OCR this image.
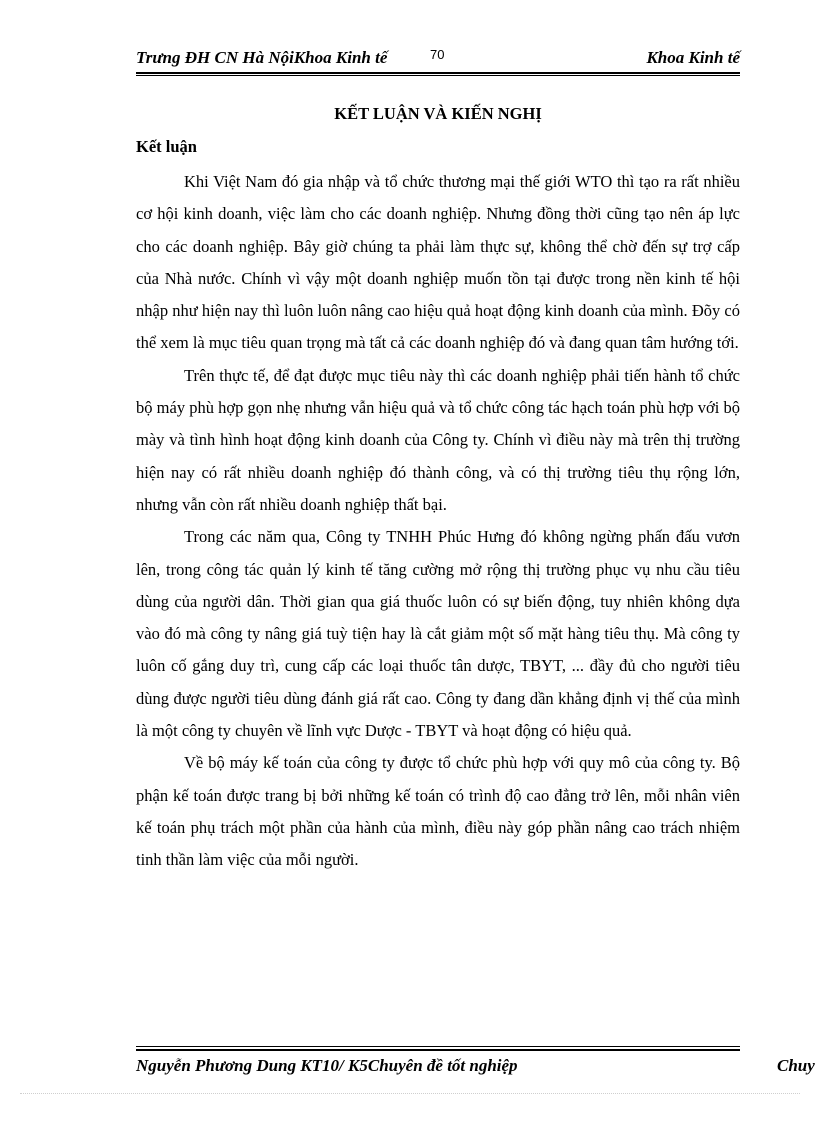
Trưng ĐH CN Hà NộiKhoa Kinh tế	70	Khoa Kinh tế
KẾT LUẬN VÀ KIẾN NGHỊ
Kết luận

Khi Việt Nam đó gia nhập và tổ chức thương mại thế giới WTO thì tạo ra rất nhiều cơ hội kinh doanh, việc làm cho các doanh nghiệp. Nhưng đồng thời cũng tạo nên áp lực cho các doanh nghiệp. Bây giờ chúng ta phải làm thực sự, không thể chờ đến sự trợ cấp của Nhà nước. Chính vì vậy một doanh nghiệp muốn tồn tại được trong nền kinh tế hội nhập như hiện nay thì luôn luôn nâng cao hiệu quả hoạt động kinh doanh của mình. Đõy có thể xem là mục tiêu quan trọng mà tất cả các doanh nghiệp đó và đang quan tâm hướng tới.

Trên thực tế, để đạt được mục tiêu này thì các doanh nghiệp phải tiến hành tổ chức bộ máy phù hợp gọn nhẹ nhưng vẫn hiệu quả và tổ chức công tác hạch toán phù hợp với bộ mày và tình hình hoạt động kinh doanh của Công ty. Chính vì điều này mà trên thị trường hiện nay có rất nhiều doanh nghiệp đó thành công, và có thị trường tiêu thụ rộng lớn, nhưng vẫn còn rất nhiều doanh nghiệp thất bại.

Trong các năm qua, Công ty TNHH Phúc Hưng đó không ngừng phấn đấu vươn lên, trong công tác quản lý kinh tế tăng cường mở rộng thị trường phục vụ nhu cầu tiêu dùng của người dân. Thời gian qua giá thuốc luôn có sự biến động, tuy nhiên không dựa vào đó mà công ty nâng giá tuỳ tiện hay là cắt giảm một số mặt hàng tiêu thụ. Mà công ty luôn cố gắng duy trì, cung cấp các loại thuốc tân dược, TBYT, ... đầy đủ cho người tiêu dùng được người tiêu dùng đánh giá rất cao. Công ty đang dần khẳng định vị thế của mình là một công ty chuyên về lĩnh vực Dược - TBYT và hoạt động có hiệu quả.

Về bộ máy kế toán của công ty được tổ chức phù hợp với quy mô của công ty. Bộ phận kế toán được trang bị bởi những kế toán có trình độ cao đẳng trở lên, mỗi nhân viên kế toán phụ trách một phần của hành của mình, điều này góp phần nâng cao trách nhiệm tinh thần làm việc của mỗi người.

Nguyễn Phương Dung KT10/ K5Chuyên đề tốt nghiệp	Chuy
